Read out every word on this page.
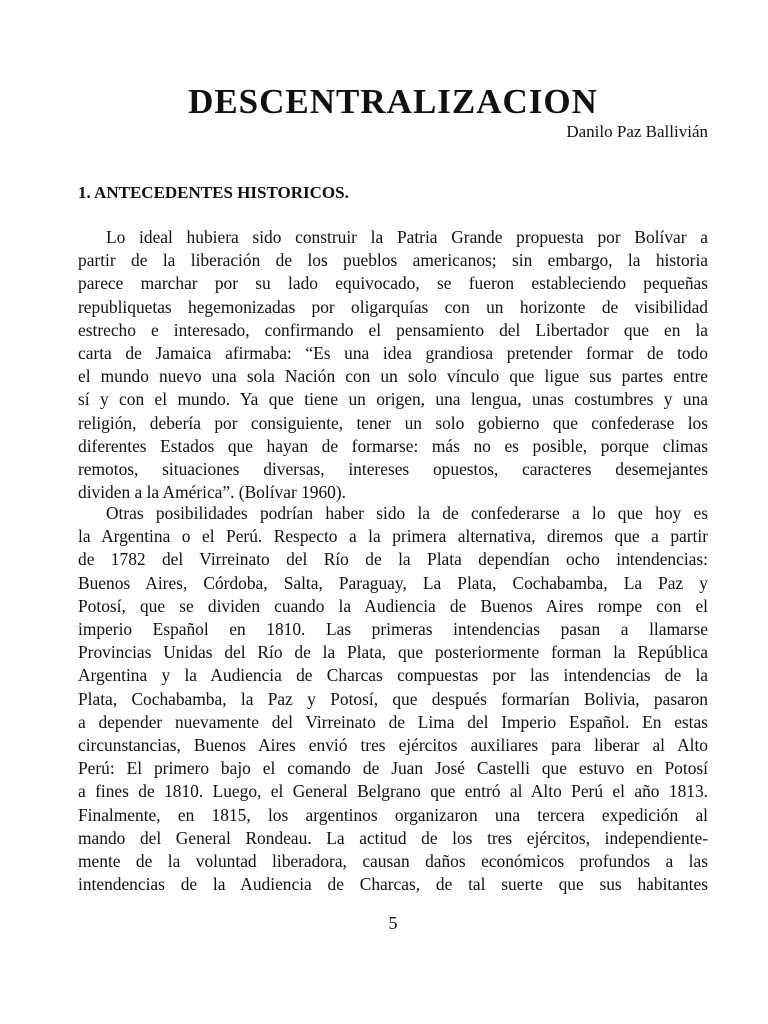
DESCENTRALIZACION

Danilo Paz Ballivián

1. ANTECEDENTES HISTORICOS.

Lo ideal hubiera sido construir la Patria Grande propuesta por Bolívar a
partir de la liberación de los pueblos americanos; sin embargo, la historia
parece marchar por su lado equivocado, se fueron estableciendo pequeñas
republiquetas hegemonizadas por oligarquías con un horizonte de visibilidad
estrecho e interesado, confirmando el pensamiento del Libertador que en la
carta de Jamaica afirmaba: “Es una idea grandiosa pretender formar de todo
el mundo nuevo una sola Nación con un solo vínculo que ligue sus partes entre
sí y con el mundo. Ya que tiene un origen, una lengua, unas costumbres y una
religión, debería por consiguiente, tener un solo gobierno que confederase los
diferentes Estados que hayan de formarse: más no es posible, porque climas
remotos, situaciones diversas, intereses opuestos, caracteres desemejantes
dividen a la América”. (Bolívar 1960).

Otras posibilidades podrían haber sido la de confederarse a lo que hoy es
la Argentina o el Perú. Respecto a la primera alternativa, diremos que a partir
de 1782 del Virreinato del Río de la Plata dependían ocho intendencias:
Buenos Aires, Córdoba, Salta, Paraguay, La Plata, Cochabamba, La Paz y
Potosí, que se dividen cuando la Audiencia de Buenos Aires rompe con el
imperio Español en 1810. Las primeras intendencias pasan a llamarse
Provincias Unidas del Río de la Plata, que posteriormente forman la República
Argentina y la Audiencia de Charcas compuestas por las intendencias de la
Plata, Cochabamba, la Paz y Potosí, que después formarían Bolivia, pasaron
a depender nuevamente del Virreinato de Lima del Imperio Español. En estas
circunstancias, Buenos Aires envió tres ejércitos auxiliares para liberar al Alto
Perú: El primero bajo el comando de Juan José Castelli que estuvo en Potosí
a fines de 1810. Luego, el General Belgrano que entró al Alto Perú el año 1813.
Finalmente, en 1815, los argentinos organizaron una tercera expedición al
mando del General Rondeau. La actitud de los tres ejércitos, independiente-
mente de la voluntad liberadora, causan daños económicos profundos a las
intendencias de la Audiencia de Charcas, de tal suerte que sus habitantes

5
